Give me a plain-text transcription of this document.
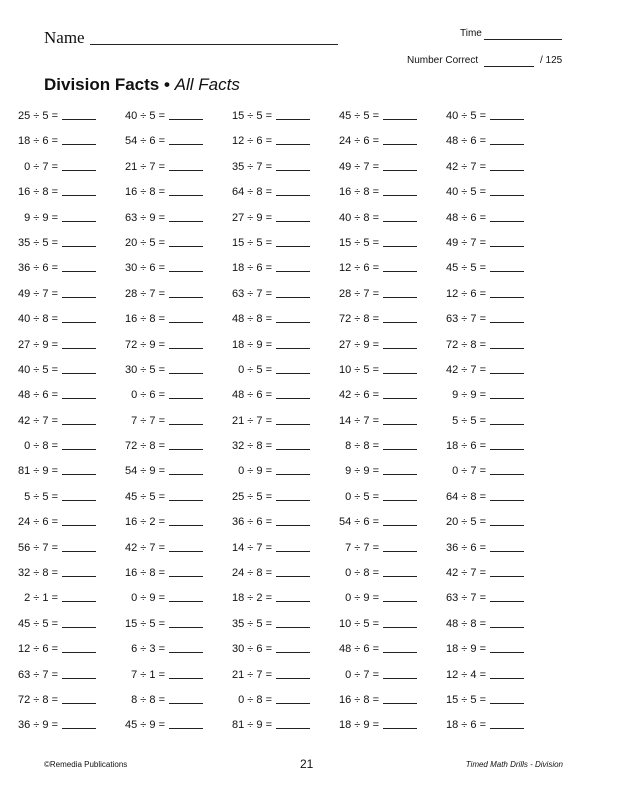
Name	Time
Number Correct	/ 125
Division Facts • All Facts
25 ÷ 5 =	40 ÷ 5 =	15 ÷ 5 =	45 ÷ 5 =	40 ÷ 5 =
18 ÷ 6 =	54 ÷ 6 =	12 ÷ 6 =	24 ÷ 6 =	48 ÷ 6 =
0 ÷ 7 =	21 ÷ 7 =	35 ÷ 7 =	49 ÷ 7 =	42 ÷ 7 =
16 ÷ 8 =	16 ÷ 8 =	64 ÷ 8 =	16 ÷ 8 =	40 ÷ 5 =
9 ÷ 9 =	63 ÷ 9 =	27 ÷ 9 =	40 ÷ 8 =	48 ÷ 6 =
35 ÷ 5 =	20 ÷ 5 =	15 ÷ 5 =	15 ÷ 5 =	49 ÷ 7 =
36 ÷ 6 =	30 ÷ 6 =	18 ÷ 6 =	12 ÷ 6 =	45 ÷ 5 =
49 ÷ 7 =	28 ÷ 7 =	63 ÷ 7 =	28 ÷ 7 =	12 ÷ 6 =
40 ÷ 8 =	16 ÷ 8 =	48 ÷ 8 =	72 ÷ 8 =	63 ÷ 7 =
27 ÷ 9 =	72 ÷ 9 =	18 ÷ 9 =	27 ÷ 9 =	72 ÷ 8 =
40 ÷ 5 =	30 ÷ 5 =	0 ÷ 5 =	10 ÷ 5 =	42 ÷ 7 =
48 ÷ 6 =	0 ÷ 6 =	48 ÷ 6 =	42 ÷ 6 =	9 ÷ 9 =
42 ÷ 7 =	7 ÷ 7 =	21 ÷ 7 =	14 ÷ 7 =	5 ÷ 5 =
0 ÷ 8 =	72 ÷ 8 =	32 ÷ 8 =	8 ÷ 8 =	18 ÷ 6 =
81 ÷ 9 =	54 ÷ 9 =	0 ÷ 9 =	9 ÷ 9 =	0 ÷ 7 =
5 ÷ 5 =	45 ÷ 5 =	25 ÷ 5 =	0 ÷ 5 =	64 ÷ 8 =
24 ÷ 6 =	16 ÷ 2 =	36 ÷ 6 =	54 ÷ 6 =	20 ÷ 5 =
56 ÷ 7 =	42 ÷ 7 =	14 ÷ 7 =	7 ÷ 7 =	36 ÷ 6 =
32 ÷ 8 =	16 ÷ 8 =	24 ÷ 8 =	0 ÷ 8 =	42 ÷ 7 =
2 ÷ 1 =	0 ÷ 9 =	18 ÷ 2 =	0 ÷ 9 =	63 ÷ 7 =
45 ÷ 5 =	15 ÷ 5 =	35 ÷ 5 =	10 ÷ 5 =	48 ÷ 8 =
12 ÷ 6 =	6 ÷ 3 =	30 ÷ 6 =	48 ÷ 6 =	18 ÷ 9 =
63 ÷ 7 =	7 ÷ 1 =	21 ÷ 7 =	0 ÷ 7 =	12 ÷ 4 =
72 ÷ 8 =	8 ÷ 8 =	0 ÷ 8 =	16 ÷ 8 =	15 ÷ 5 =
36 ÷ 9 =	45 ÷ 9 =	81 ÷ 9 =	18 ÷ 9 =	18 ÷ 6 =
©Remedia Publications	21	Timed Math Drills - Division
